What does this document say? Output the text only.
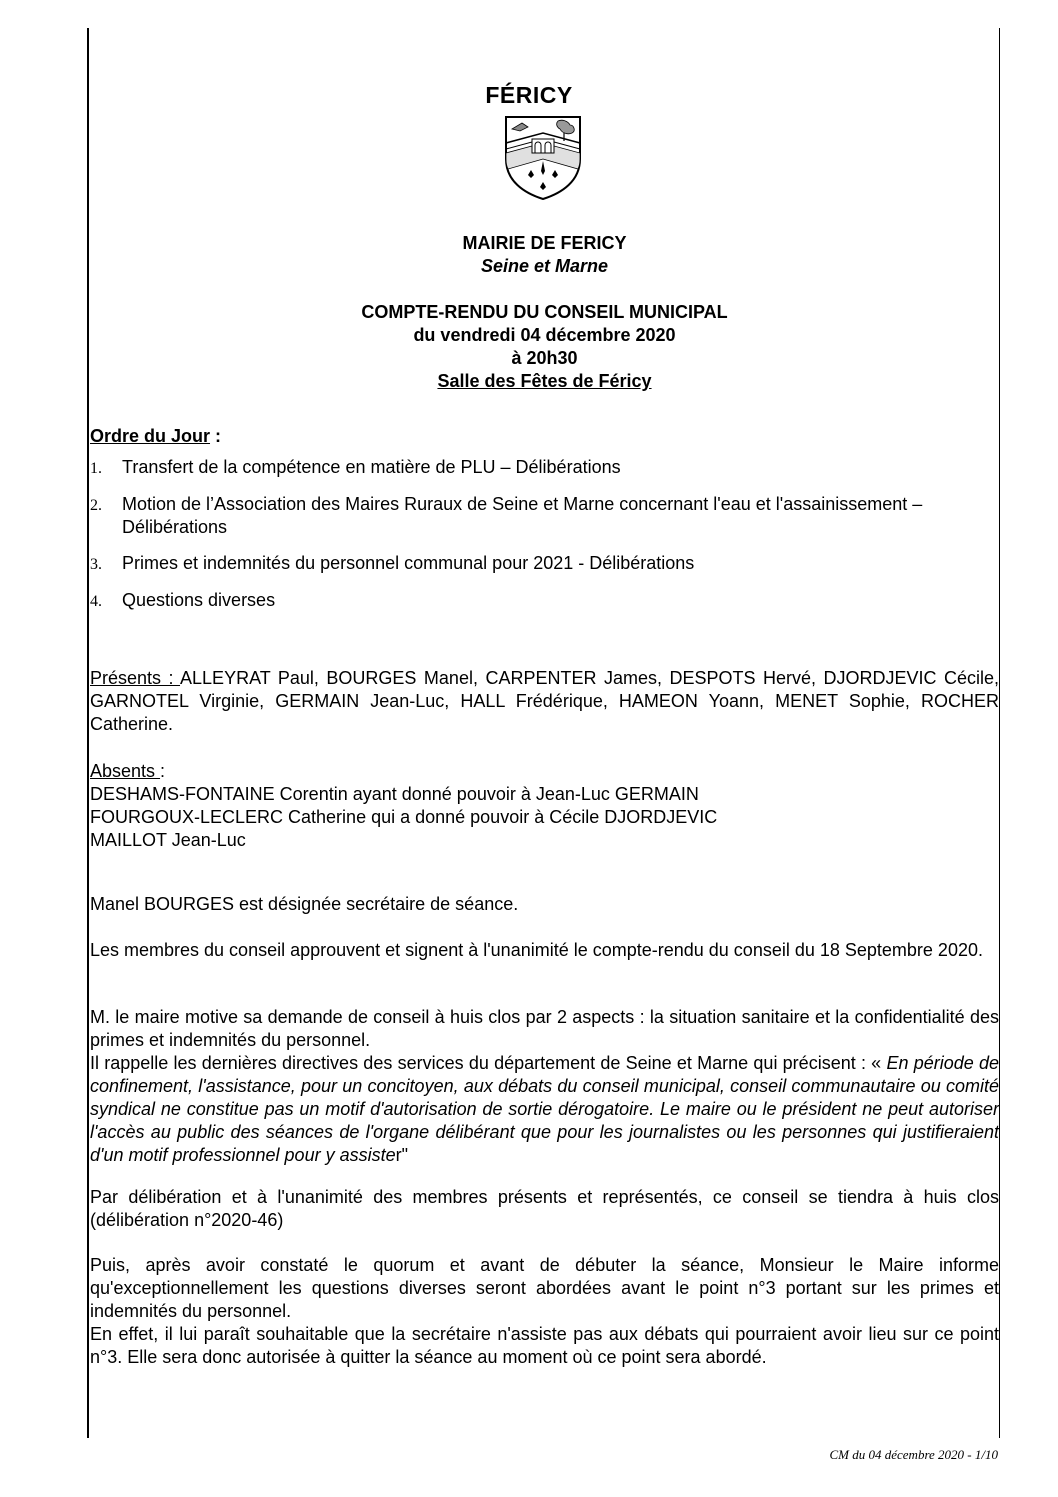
FÉRICY
MAIRIE DE FERICY
Seine et Marne
COMPTE-RENDU DU CONSEIL MUNICIPAL
du vendredi 04 décembre 2020
à 20h30
Salle des Fêtes de Féricy
Ordre du Jour :
1. Transfert de la compétence en matière de PLU – Délibérations
2. Motion de l’Association des Maires Ruraux de Seine et Marne concernant l'eau et l'assainissement – Délibérations
3. Primes et indemnités du personnel communal pour 2021 - Délibérations
4. Questions diverses

Présents : ALLEYRAT Paul, BOURGES Manel, CARPENTER James, DESPOTS Hervé, DJORDJEVIC Cécile, GARNOTEL Virginie, GERMAIN Jean-Luc, HALL Frédérique, HAMEON Yoann, MENET Sophie, ROCHER Catherine.

Absents :
DESHAMS-FONTAINE Corentin ayant donné pouvoir à Jean-Luc GERMAIN
FOURGOUX-LECLERC Catherine qui a donné pouvoir à Cécile DJORDJEVIC
MAILLOT Jean-Luc

Manel BOURGES est désignée secrétaire de séance.

Les membres du conseil approuvent et signent à l'unanimité le compte-rendu du conseil du 18 Septembre 2020.

M. le maire motive sa demande de conseil à huis clos par 2 aspects : la situation sanitaire et la confidentialité des primes et indemnités du personnel.
Il rappelle les dernières directives des services du département de Seine et Marne qui précisent : « En période de confinement, l'assistance, pour un concitoyen, aux débats du conseil municipal, conseil communautaire ou comité syndical ne constitue pas un motif d'autorisation de sortie dérogatoire. Le maire ou le président ne peut autoriser l'accès au public des séances de l'organe délibérant que pour les journalistes ou les personnes qui justifieraient d'un motif professionnel pour y assister"

Par délibération et à l'unanimité des membres présents et représentés, ce conseil se tiendra à huis clos (délibération n°2020-46)

Puis, après avoir constaté le quorum et avant de débuter la séance, Monsieur le Maire informe qu'exceptionnellement les questions diverses seront abordées avant le point n°3 portant sur les primes et indemnités du personnel.
En effet, il lui paraît souhaitable que la secrétaire n'assiste pas aux débats qui pourraient avoir lieu sur ce point n°3. Elle sera donc autorisée à quitter la séance au moment où ce point sera abordé.
CM du 04 décembre 2020 - 1/10
